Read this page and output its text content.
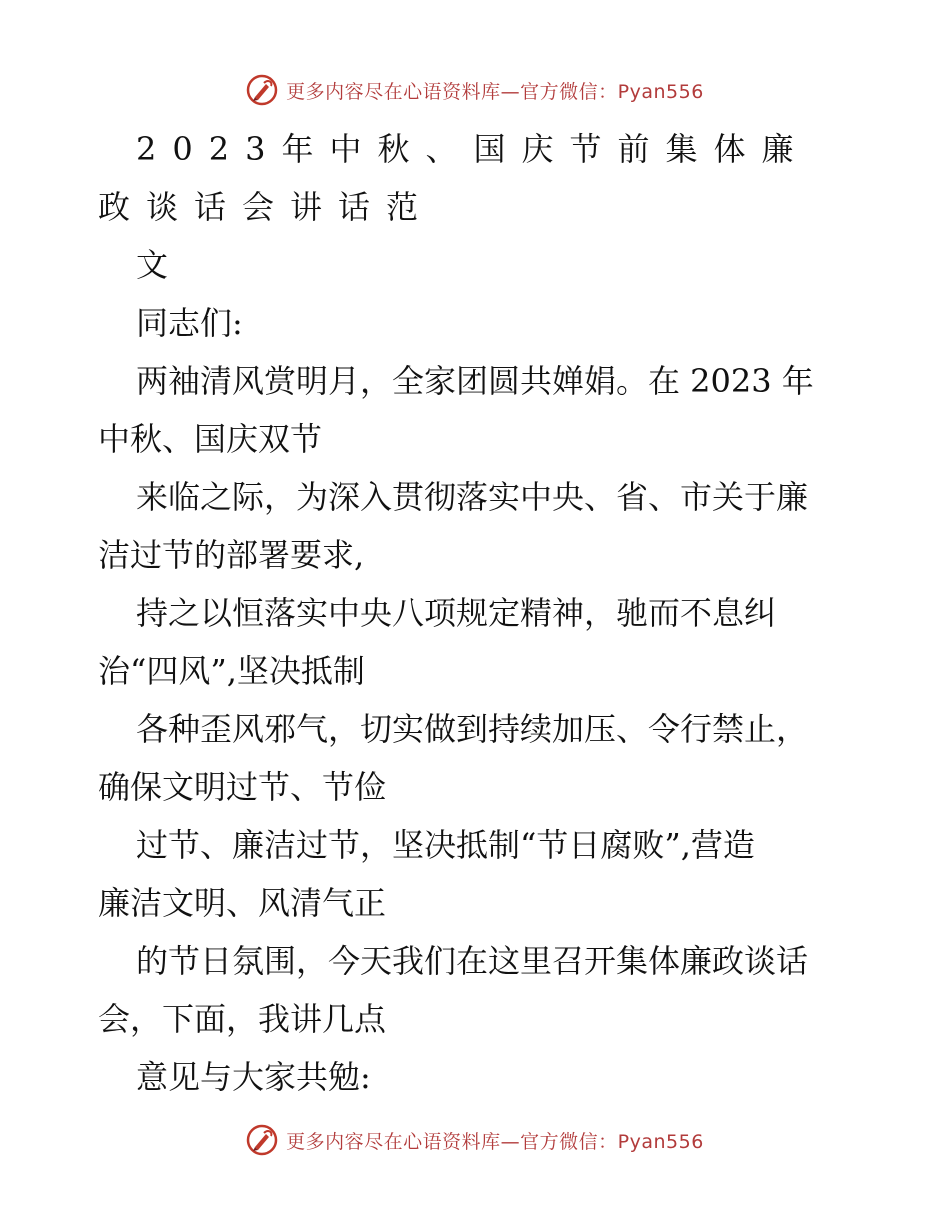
更多内容尽在心语资料库—官方微信：Pyan556
2023年中秋、国庆节前集体廉
政谈话会讲话范
文
同志们:
两袖清风赏明月，全家团圆共婵娟。在 2023 年
中秋、国庆双节
来临之际，为深入贯彻落实中央、省、市关于廉
洁过节的部署要求,
持之以恒落实中央八项规定精神，驰而不息纠
治“四风”,坚决抵制
各种歪风邪气，切实做到持续加压、令行禁止，
确保文明过节、节俭
过节、廉洁过节，坚决抵制“节日腐败”,营造
廉洁文明、风清气正
的节日氛围，今天我们在这里召开集体廉政谈话
会，下面，我讲几点
意见与大家共勉:
更多内容尽在心语资料库—官方微信：Pyan556
